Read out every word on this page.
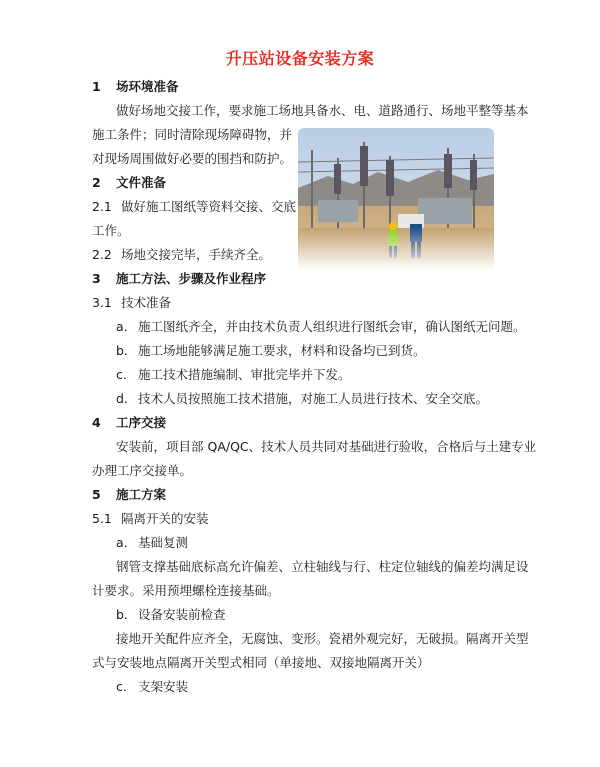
升压站设备安装方案
1 场环境准备
做好场地交接工作，要求施工场地具备水、电、道路通行、场地平整等基本
施工条件；同时清除现场障碍物，并
对现场周围做好必要的围挡和防护。
2 文件准备
2.1 做好施工图纸等资料交接、交底
工作。
2.2 场地交接完毕，手续齐全。
3 施工方法、步骤及作业程序
3.1 技术准备
a. 施工图纸齐全，并由技术负责人组织进行图纸会审，确认图纸无问题。
b. 施工场地能够满足施工要求，材料和设备均已到货。
c. 施工技术措施编制、审批完毕并下发。
d. 技术人员按照施工技术措施，对施工人员进行技术、安全交底。
4 工序交接
安装前，项目部 QA/QC、技术人员共同对基础进行验收，合格后与土建专业
办理工序交接单。
5 施工方案
5.1 隔离开关的安装
a. 基础复测
钢管支撑基础底标高允许偏差、立柱轴线与行、柱定位轴线的偏差均满足设
计要求。采用预埋螺栓连接基础。
b. 设备安装前检查
接地开关配件应齐全，无腐蚀、变形。瓷裙外观完好，无破损。隔离开关型
式与安装地点隔离开关型式相同（单接地、双接地隔离开关）
c. 支架安装
